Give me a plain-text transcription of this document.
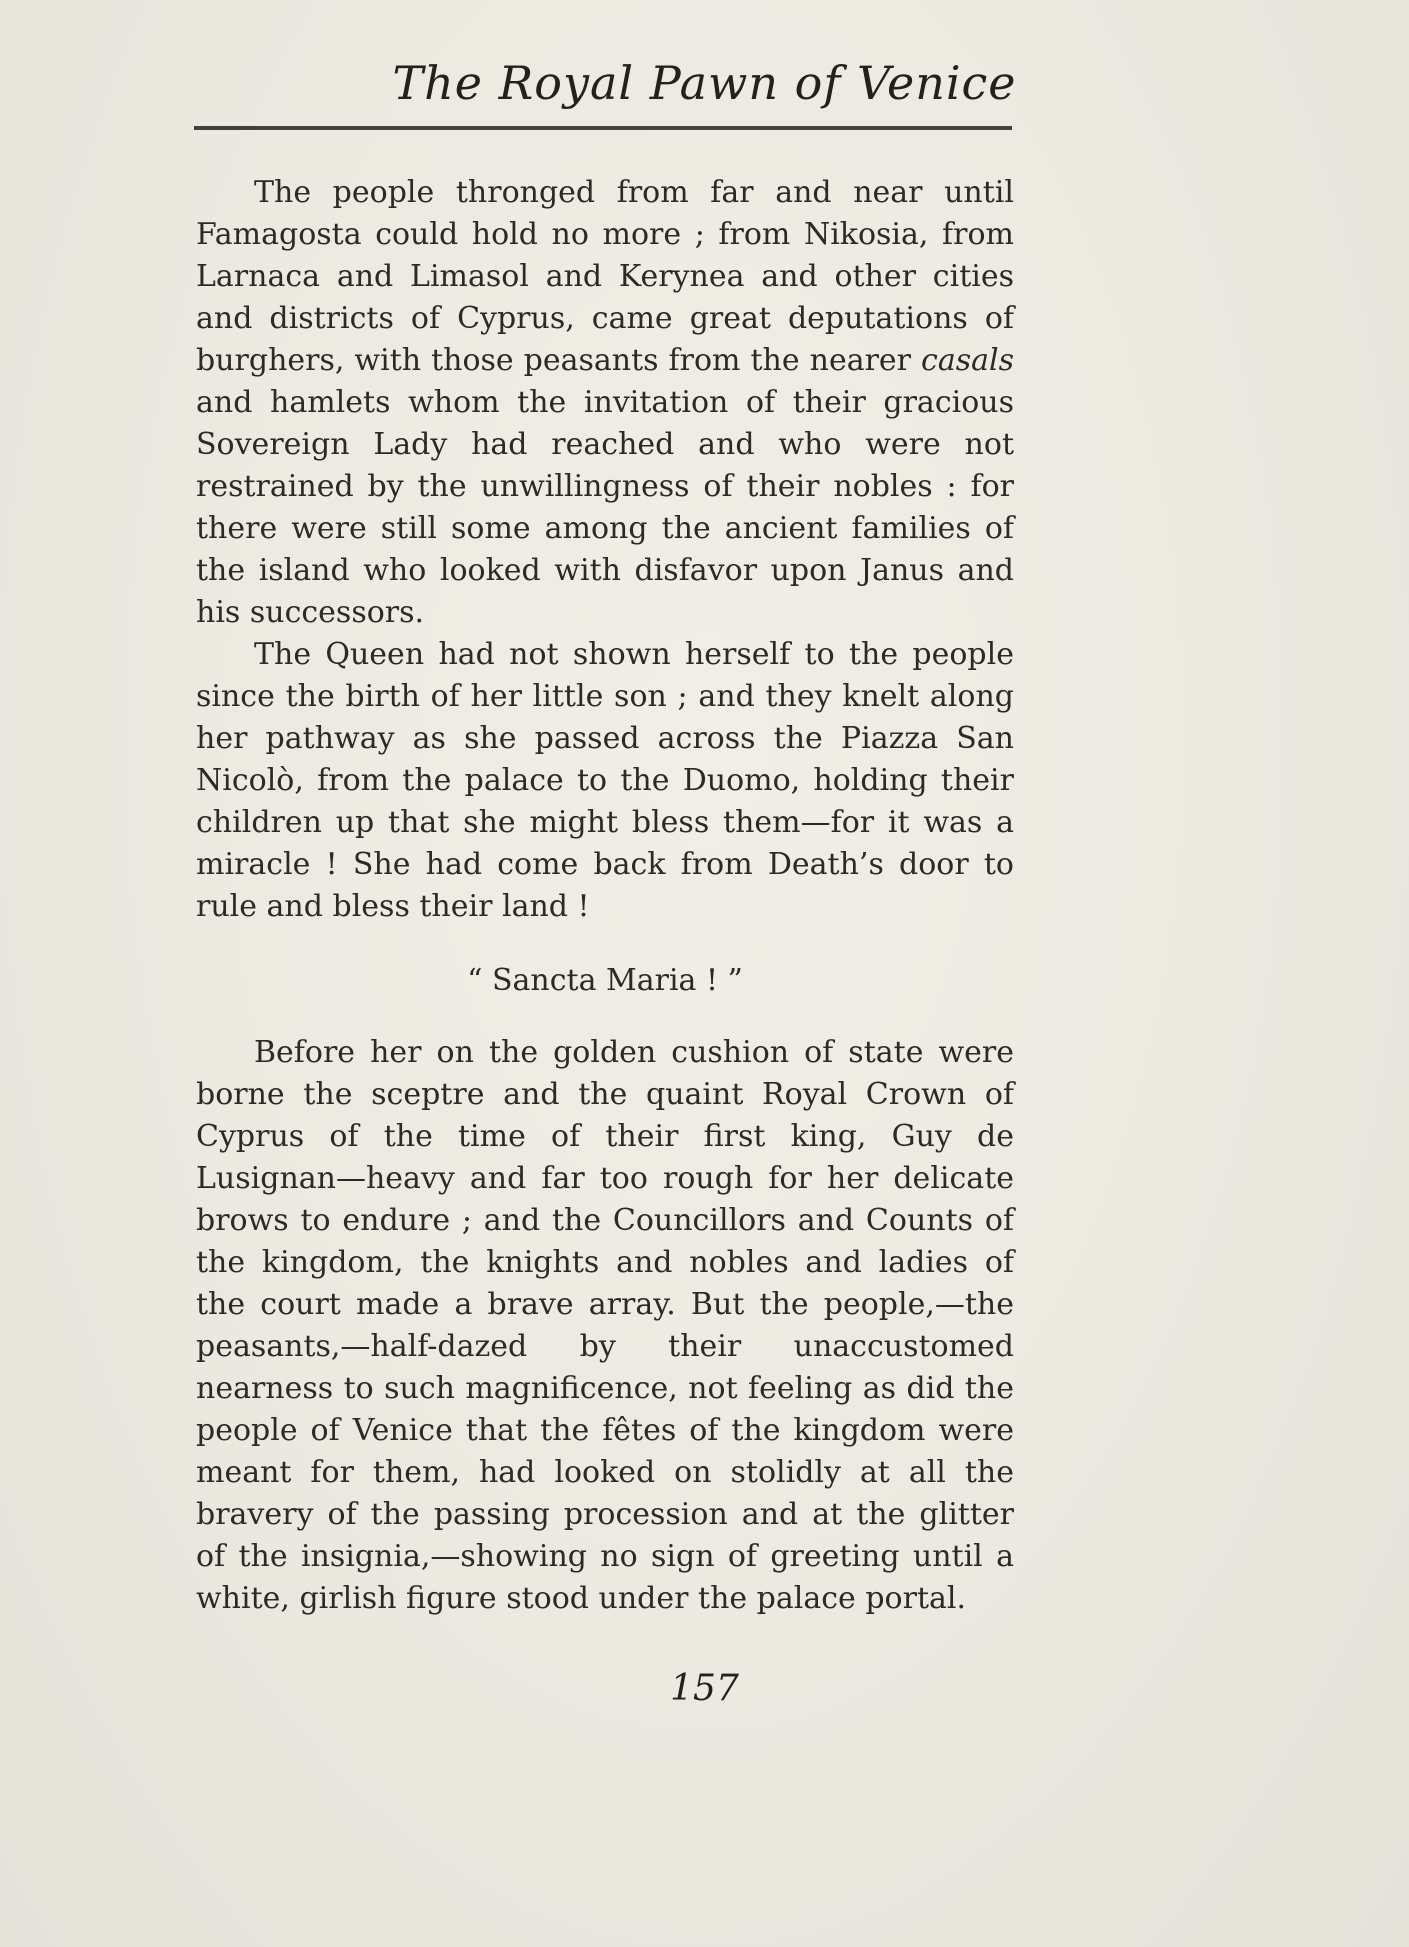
The Royal Pawn of Venice

The people thronged from far and near until Famagosta could hold no more ; from Nikosia, from Larnaca and Limasol and Kerynea and other cities and districts of Cyprus, came great deputations of burghers, with those peasants from the nearer casals and hamlets whom the invitation of their gracious Sovereign Lady had reached and who were not restrained by the unwillingness of their nobles : for there were still some among the ancient families of the island who looked with disfavor upon Janus and his successors.

The Queen had not shown herself to the people since the birth of her little son ; and they knelt along her pathway as she passed across the Piazza San Nicolò, from the palace to the Duomo, holding their children up that she might bless them—for it was a miracle ! She had come back from Death’s door to rule and bless their land !

“ Sancta Maria ! ”

Before her on the golden cushion of state were borne the sceptre and the quaint Royal Crown of Cyprus of the time of their first king, Guy de Lusignan—heavy and far too rough for her delicate brows to endure ; and the Councillors and Counts of the kingdom, the knights and nobles and ladies of the court made a brave array. But the people,—the peasants,—half-dazed by their unaccustomed nearness to such magnificence, not feeling as did the people of Venice that the fêtes of the kingdom were meant for them, had looked on stolidly at all the bravery of the passing procession and at the glitter of the insignia,—showing no sign of greeting until a white, girlish figure stood under the palace portal.

157
